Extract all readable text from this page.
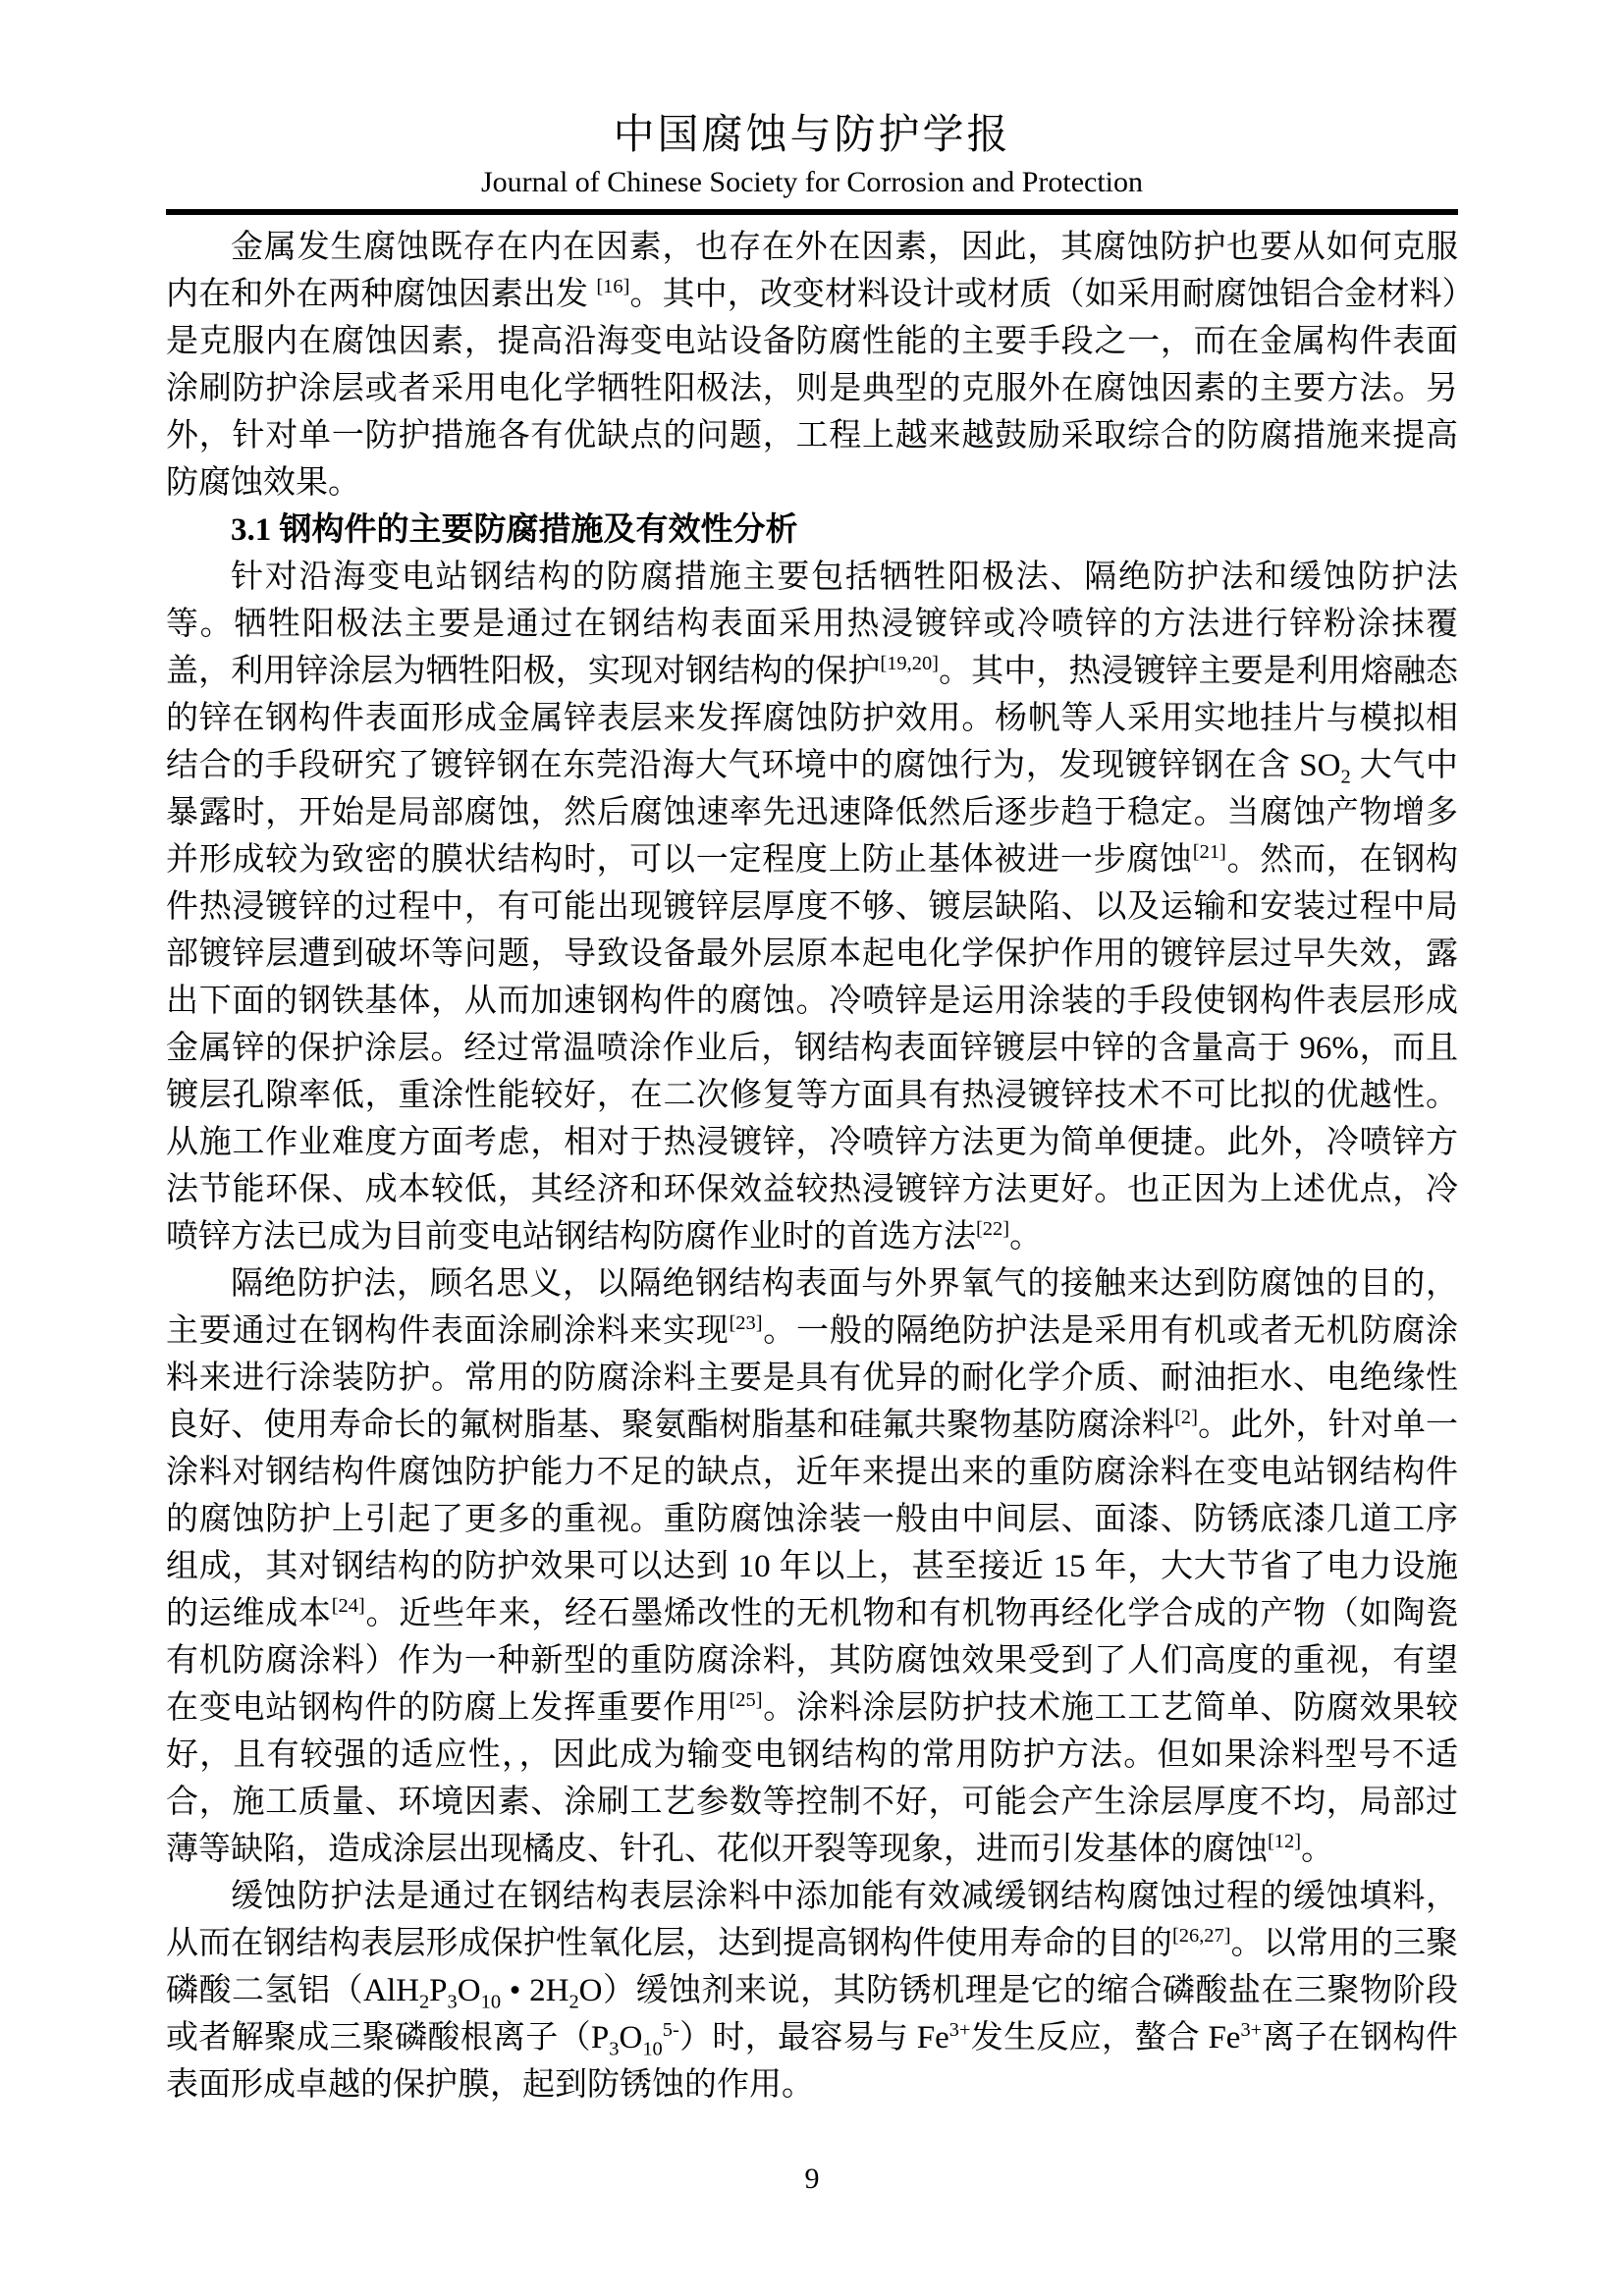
中国腐蚀与防护学报
Journal of Chinese Society for Corrosion and Protection

金属发生腐蚀既存在内在因素，也存在外在因素，因此，其腐蚀防护也要从如何克服内在和外在两种腐蚀因素出发 [16]。其中，改变材料设计或材质（如采用耐腐蚀铝合金材料）是克服内在腐蚀因素，提高沿海变电站设备防腐性能的主要手段之一，而在金属构件表面涂刷防护涂层或者采用电化学牺牲阳极法，则是典型的克服外在腐蚀因素的主要方法。另外，针对单一防护措施各有优缺点的问题，工程上越来越鼓励采取综合的防腐措施来提高防腐蚀效果。

3.1 钢构件的主要防腐措施及有效性分析

针对沿海变电站钢结构的防腐措施主要包括牺牲阳极法、隔绝防护法和缓蚀防护法等。牺牲阳极法主要是通过在钢结构表面采用热浸镀锌或冷喷锌的方法进行锌粉涂抹覆盖，利用锌涂层为牺牲阳极，实现对钢结构的保护[19,20]。其中，热浸镀锌主要是利用熔融态的锌在钢构件表面形成金属锌表层来发挥腐蚀防护效用。杨帆等人采用实地挂片与模拟相结合的手段研究了镀锌钢在东莞沿海大气环境中的腐蚀行为，发现镀锌钢在含 $SO_2$ 大气中暴露时，开始是局部腐蚀，然后腐蚀速率先迅速降低然后逐步趋于稳定。当腐蚀产物增多并形成较为致密的膜状结构时，可以一定程度上防止基体被进一步腐蚀[21]。然而，在钢构件热浸镀锌的过程中，有可能出现镀锌层厚度不够、镀层缺陷、以及运输和安装过程中局部镀锌层遭到破坏等问题，导致设备最外层原本起电化学保护作用的镀锌层过早失效，露出下面的钢铁基体，从而加速钢构件的腐蚀。冷喷锌是运用涂装的手段使钢构件表层形成金属锌的保护涂层。经过常温喷涂作业后，钢结构表面锌镀层中锌的含量高于 96%，而且镀层孔隙率低，重涂性能较好，在二次修复等方面具有热浸镀锌技术不可比拟的优越性。从施工作业难度方面考虑，相对于热浸镀锌，冷喷锌方法更为简单便捷。此外，冷喷锌方法节能环保、成本较低，其经济和环保效益较热浸镀锌方法更好。也正因为上述优点，冷喷锌方法已成为目前变电站钢结构防腐作业时的首选方法[22]。

隔绝防护法，顾名思义，以隔绝钢结构表面与外界氧气的接触来达到防腐蚀的目的，主要通过在钢构件表面涂刷涂料来实现[23]。一般的隔绝防护法是采用有机或者无机防腐涂料来进行涂装防护。常用的防腐涂料主要是具有优异的耐化学介质、耐油拒水、电绝缘性良好、使用寿命长的氟树脂基、聚氨酯树脂基和硅氟共聚物基防腐涂料[2]。此外，针对单一涂料对钢结构件腐蚀防护能力不足的缺点，近年来提出来的重防腐涂料在变电站钢结构件的腐蚀防护上引起了更多的重视。重防腐蚀涂装一般由中间层、面漆、防锈底漆几道工序组成，其对钢结构的防护效果可以达到 10 年以上，甚至接近 15 年，大大节省了电力设施的运维成本[24]。近些年来，经石墨烯改性的无机物和有机物再经化学合成的产物（如陶瓷有机防腐涂料）作为一种新型的重防腐涂料，其防腐蚀效果受到了人们高度的重视，有望在变电站钢构件的防腐上发挥重要作用[25]。涂料涂层防护技术施工工艺简单、防腐效果较好，且有较强的适应性，，因此成为输变电钢结构的常用防护方法。但如果涂料型号不适合，施工质量、环境因素、涂刷工艺参数等控制不好，可能会产生涂层厚度不均，局部过薄等缺陷，造成涂层出现橘皮、针孔、花似开裂等现象，进而引发基体的腐蚀[12]。

缓蚀防护法是通过在钢结构表层涂料中添加能有效减缓钢结构腐蚀过程的缓蚀填料，从而在钢结构表层形成保护性氧化层，达到提高钢构件使用寿命的目的[26,27]。以常用的三聚磷酸二氢铝（$AlH_2P_3O_{10}$ • $2H_2O$）缓蚀剂来说，其防锈机理是它的缩合磷酸盐在三聚物阶段或者解聚成三聚磷酸根离子$(P_3O_{10}^{5-})$时，最容易与 $Fe^{3+}$发生反应，螯合 $Fe^{3+}$离子在钢构件表面形成卓越的保护膜，起到防锈蚀的作用。

9
